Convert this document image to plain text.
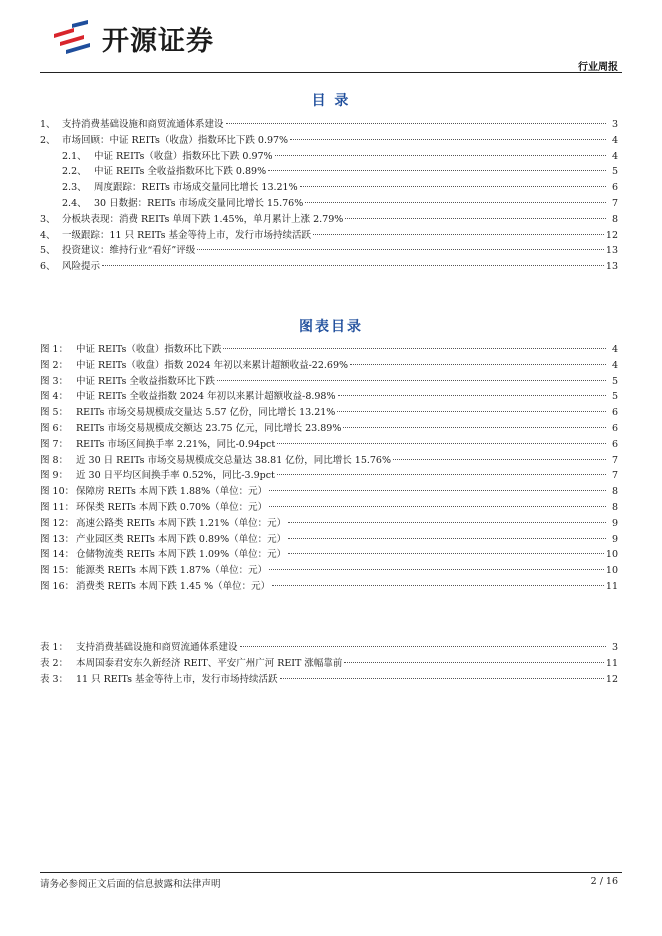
开源证券
行业周报
目 录
1、 支持消费基础设施和商贸流通体系建设	3
2、 市场回顾：中证 REITs（收盘）指数环比下跌 0.97%	4
2.1、 中证 REITs（收盘）指数环比下跌 0.97%	4
2.2、 中证 REITs 全收益指数环比下跌 0.89%	5
2.3、 周度跟踪：REITs 市场成交量同比增长 13.21%	6
2.4、 30 日数据：REITs 市场成交量同比增长 15.76%	7
3、 分板块表现：消费 REITs 单周下跌 1.45%，单月累计上涨 2.79%	8
4、 一级跟踪：11 只 REITs 基金等待上市，发行市场持续活跃	12
5、 投资建议：维持行业“看好”评级	13
6、 风险提示	13
图表目录
图 1： 中证 REITs（收盘）指数环比下跌	4
图 2： 中证 REITs（收盘）指数 2024 年初以来累计超额收益-22.69%	4
图 3： 中证 REITs 全收益指数环比下跌	5
图 4： 中证 REITs 全收益指数 2024 年初以来累计超额收益-8.98%	5
图 5： REITs 市场交易规模成交量达 5.57 亿份，同比增长 13.21%	6
图 6： REITs 市场交易规模成交额达 23.75 亿元，同比增长 23.89%	6
图 7： REITs 市场区间换手率 2.21%，同比-0.94pct	6
图 8： 近 30 日 REITs 市场交易规模成交总量达 38.81 亿份，同比增长 15.76%	7
图 9： 近 30 日平均区间换手率 0.52%，同比-3.9pct	7
图 10： 保障房 REITs 本周下跌 1.88%（单位：元）	8
图 11： 环保类 REITs 本周下跌 0.70%（单位：元）	8
图 12： 高速公路类 REITs 本周下跌 1.21%（单位：元）	9
图 13： 产业园区类 REITs 本周下跌 0.89%（单位：元）	9
图 14： 仓储物流类 REITs 本周下跌 1.09%（单位：元）	10
图 15： 能源类 REITs 本周下跌 1.87%（单位：元）	10
图 16： 消费类 REITs 本周下跌 1.45 %（单位：元）	11
表 1： 支持消费基础设施和商贸流通体系建设	3
表 2： 本周国泰君安东久新经济 REIT、平安广州广河 REIT 涨幅靠前	11
表 3： 11 只 REITs 基金等待上市，发行市场持续活跃	12
请务必参阅正文后面的信息披露和法律声明	2 / 16
